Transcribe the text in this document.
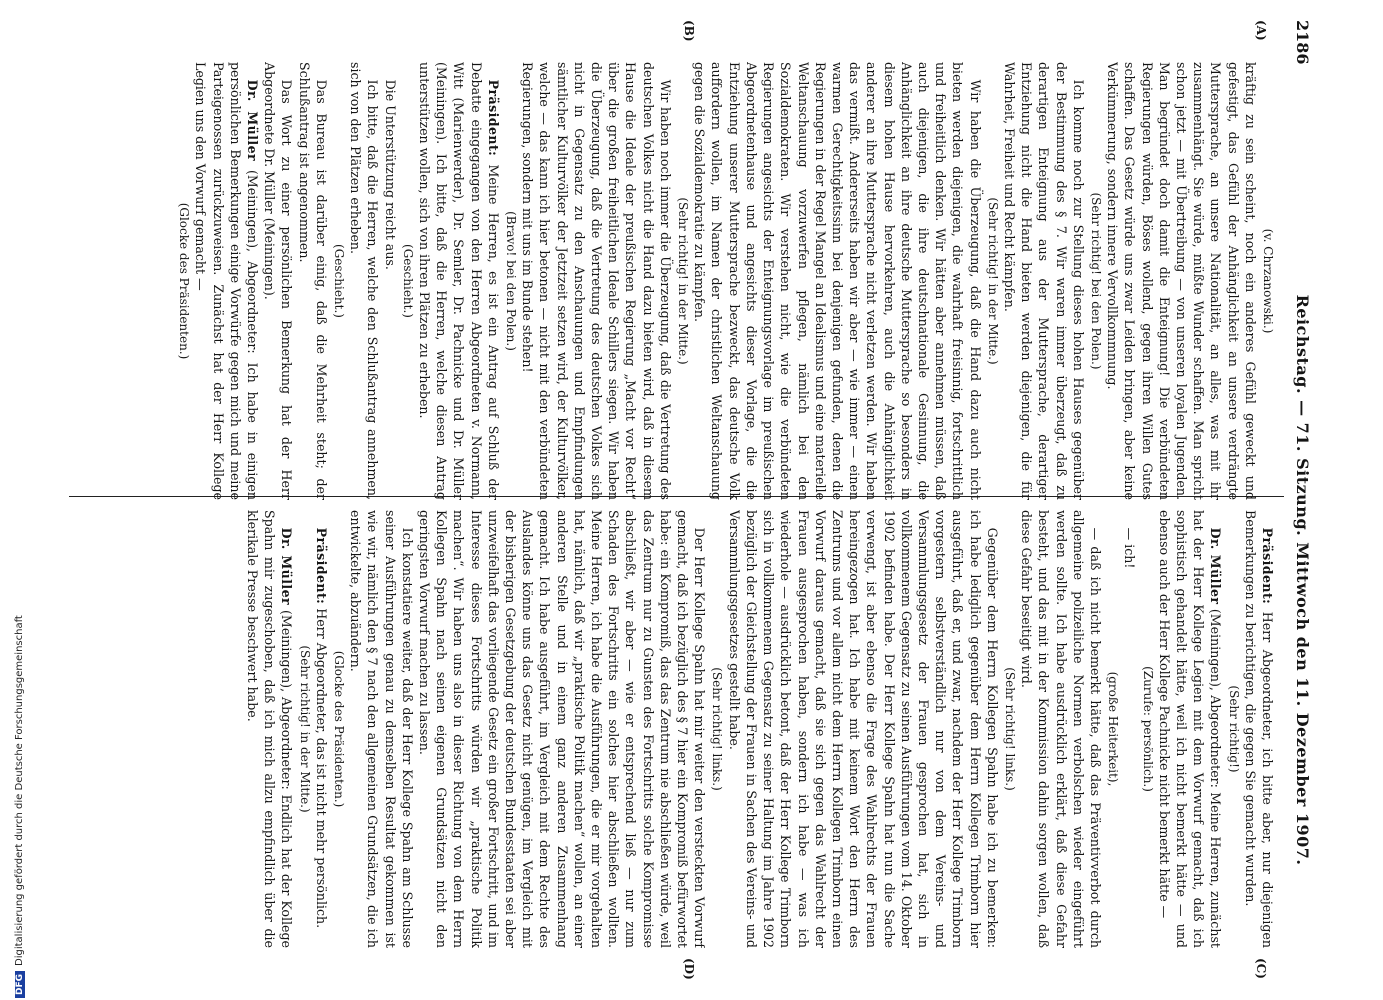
2186
Reichstag. — 71. Sitzung. Mittwoch den 11. Dezember 1907.
(A)
(B)
(C)
(D)

(v. Chrzanowski.)

kräftig zu sein scheint, noch ein anderes Gefühl geweckt und gefestigt, das Gefühl der Anhänglichkeit an unsere verdrängte Muttersprache, an unsere Nationalität, an alles, was mit ihr zusammenhängt. Sie würde, müßte Wunder schaffen. Man spricht schon jetzt — mit Übertreibung — von unseren loyalen Jugenden. Man begründet doch damit die Enteignung! Die verbündeten Regierungen würden, Böses wollend, gegen ihren Willen Gutes schaffen. Das Gesetz würde uns zwar Leiden bringen, aber keine Verkümmerung, sondern innere Vervollkommnung.

(Sehr richtig! bei den Polen.)

Ich komme noch zur Stellung dieses hohen Hauses gegenüber der Bestimmung des § 7. Wir waren immer überzeugt, daß zu derartigen Enteignung aus der Muttersprache, derartiger Entziehung nicht die Hand bieten werden diejenigen, die für Wahrheit, Freiheit und Recht kämpfen.

(Sehr richtig! in der Mitte.)

Wir haben die Überzeugung, daß die Hand dazu auch nicht bieten werden diejenigen, die wahrhaft freisinnig, fortschrittlich und freiheitlich denken. Wir hätten aber annehmen müssen, daß auch diejenigen, die ihre deutschnationale Gesinnung, die Anhänglichkeit an ihre deutsche Muttersprache so besonders in diesem hohen Hause hervorkehren, auch die Anhänglichkeit anderer an ihre Muttersprache nicht verletzen werden. Wir haben das vermißt. Andererseits haben wir aber — wie immer — einen warmen Gerechtigkeitssinn bei denjenigen gefunden, denen die Regierungen in der Regel Mangel an Idealismus und eine materielle Weltanschauung vorzuwerfen pflegen, nämlich bei den Sozialdemokraten. Wir verstehen nicht, wie die verbündeten Regierungen angesichts der Enteignungsvorlage im preußischen Abgeordnetenhause und angesichts dieser Vorlage, die die Entziehung unserer Muttersprache bezweckt, das deutsche Volk auffordern wollen, im Namen der christlichen Weltanschauung gegen die Sozialdemokratie zu kämpfen.

(Sehr richtig! in der Mitte.)

Wir haben noch immer die Überzeugung, daß die Vertretung des deutschen Volkes nicht die Hand dazu bieten wird, daß in diesem Hause die Ideale der preußischen Regierung „Macht vor Recht“ über die großen freiheitlichen Ideale Schillers siegen. Wir haben die Überzeugung, daß die Vertretung des deutschen Volkes sich nicht in Gegensatz zu den Anschauungen und Empfindungen sämtlicher Kulturvölker der Jetztzeit setzen wird, der Kulturvölker, welche — das kann ich hier betonen — nicht mit den verbündeten Regierungen, sondern mit uns im Bunde stehen!

(Bravo! bei den Polen.)

Präsident: Meine Herren, es ist ein Antrag auf Schluß der Debatte eingegangen von den Herren Abgeordneten v. Normann, Witt (Marienwerder), Dr. Semler, Dr. Pachnicke und Dr. Müller (Meiningen). Ich bitte, daß die Herren, welche diesen Antrag unterstützen wollen, sich von ihren Plätzen zu erheben.

(Geschieht.)

Die Unterstützung reicht aus.

Ich bitte, daß die Herren, welche den Schlußantrag annehmen, sich von den Plätzen erheben.

(Geschieht.)

Das Bureau ist darüber einig, daß die Mehrheit steht; der Schlußantrag ist angenommen.

Das Wort zu einer persönlichen Bemerkung hat der Herr Abgeordnete Dr. Müller (Meiningen).

Dr. Müller (Meiningen), Abgeordneter: Ich habe in einigen persönlichen Bemerkungen einige Vorwürfe gegen mich und meine Parteigenossen zurückzuweisen. Zunächst hat der Herr Kollege Legien uns den Vorwurf gemacht —

(Glocke des Präsidenten.)

Präsident: Herr Abgeordneter, ich bitte aber, nur diejenigen Bemerkungen zu berichtigen, die gegen Sie gemacht wurden.

(Sehr richtig!)

Dr. Müller (Meiningen), Abgeordneter: Meine Herren, zunächst hat der Herr Kollege Legien mit dem Vorwurf gemacht, daß ich sophistisch gehandelt hätte, weil ich nicht bemerkt hätte — und ebenso auch der Herr Kollege Pachnicke nicht bemerkt hätte —

(Zurufe: persönlich.)

— ich!

(große Heiterkeit),

— daß ich nicht bemerkt hätte, daß das Präventivverbot durch allgemeine polizeiliche Normen verbolschen wieder eingeführt werden sollte. Ich habe ausdrücklich erklärt, daß diese Gefahr besteht, und das mit in der Kommission dahin sorgen wollen, daß diese Gefahr beseitigt wird.

(Sehr richtig! links.)

Gegenüber dem Herrn Kollegen Spahn habe ich zu bemerken: ich habe lediglich gegenüber dem Herrn Kollegen Trimborn hier ausgeführt, daß er, und zwar, nachdem der Herr Kollege Trimborn vorgestern selbstverständlich nur von dem Vereins- und Versammlungsgesetz der Frauen gesprochen hat, sich in vollkommenem Gegensatz zu seinen Ausführungen vom 14. Oktober 1902 befinden habe. Der Herr Kollege Spahn hat nun die Sache verwengt, ist aber ebenso die Frage des Wahlrechts der Frauen hereingezogen hat. Ich habe mit keinem Wort den Herrn des Zentrums und vor allem nicht dem Herrn Kollegen Trimborn einen Vorwurf daraus gemacht, daß sie sich gegen das Wahlrecht der Frauen ausgesprochen haben, sondern ich habe — was ich wiederhole — ausdrücklich betont, daß der Herr Kollege Trimborn sich in vollkommenem Gegensatz zu seiner Haltung im Jahre 1902 bezüglich der Gleichstellung der Frauen in Sachen des Vereins- und Versammlungsgesetzes gestellt habe.

(Sehr richtig! links.)

Der Herr Kollege Spahn hat mir weiter den versteckten Vorwurf gemacht, daß ich bezüglich des § 7 hier ein Kompromiß befürwortet habe: ein Kompromiß, das das Zentrum nie abschließen würde, weil das Zentrum nur zu Gunsten des Fortschritts solche Kompromisse abschließt, wir aber — wie er entsprechend ließ — nur zum Schaden des Fortschritts ein solches hier abschließen wollten. Meine Herren, ich habe die Ausführungen, die er mir vorgehalten hat, nämlich, daß wir „praktische Politik machen“ wollen, an einer anderen Stelle und in einem ganz anderen Zusammenhang gemacht. Ich habe ausgeführt, im Vergleich mit dem Rechte des Auslandes könne uns das Gesetz nicht genügen, im Vergleich mit der bisherigen Gesetzgebung der deutschen Bundesstaaten sei aber unzweifelhaft das vorliegende Gesetz ein großer Fortschritt, und im Interesse dieses Fortschritts würden wir „praktische Politik machen“. Wir haben uns also in dieser Richtung von dem Herrn Kollegen Spahn nach seinen eigenen Grundsätzen nicht den geringsten Vorwurf machen zu lassen.

Ich konstatiere weiter, daß der Herr Kollege Spahn am Schlusse seiner Ausführungen genau zu demselben Resultat gekommen ist wie wir, nämlich den § 7 nach den allgemeinen Grundsätzen, die ich entwickelte, abzuändern.

(Glocke des Präsidenten.)

Präsident: Herr Abgeordneter, das ist nicht mehr persönlich.

(Sehr richtig! in der Mitte.)

Dr. Müller (Meiningen), Abgeordneter: Endlich hat der Kollege Spahn mir zugeschoben, daß ich mich allzu empfindlich über die klerikale Presse beschwert habe.

DFGDigitalisierung gefördert durch die Deutsche Forschungsgemeinschaft
